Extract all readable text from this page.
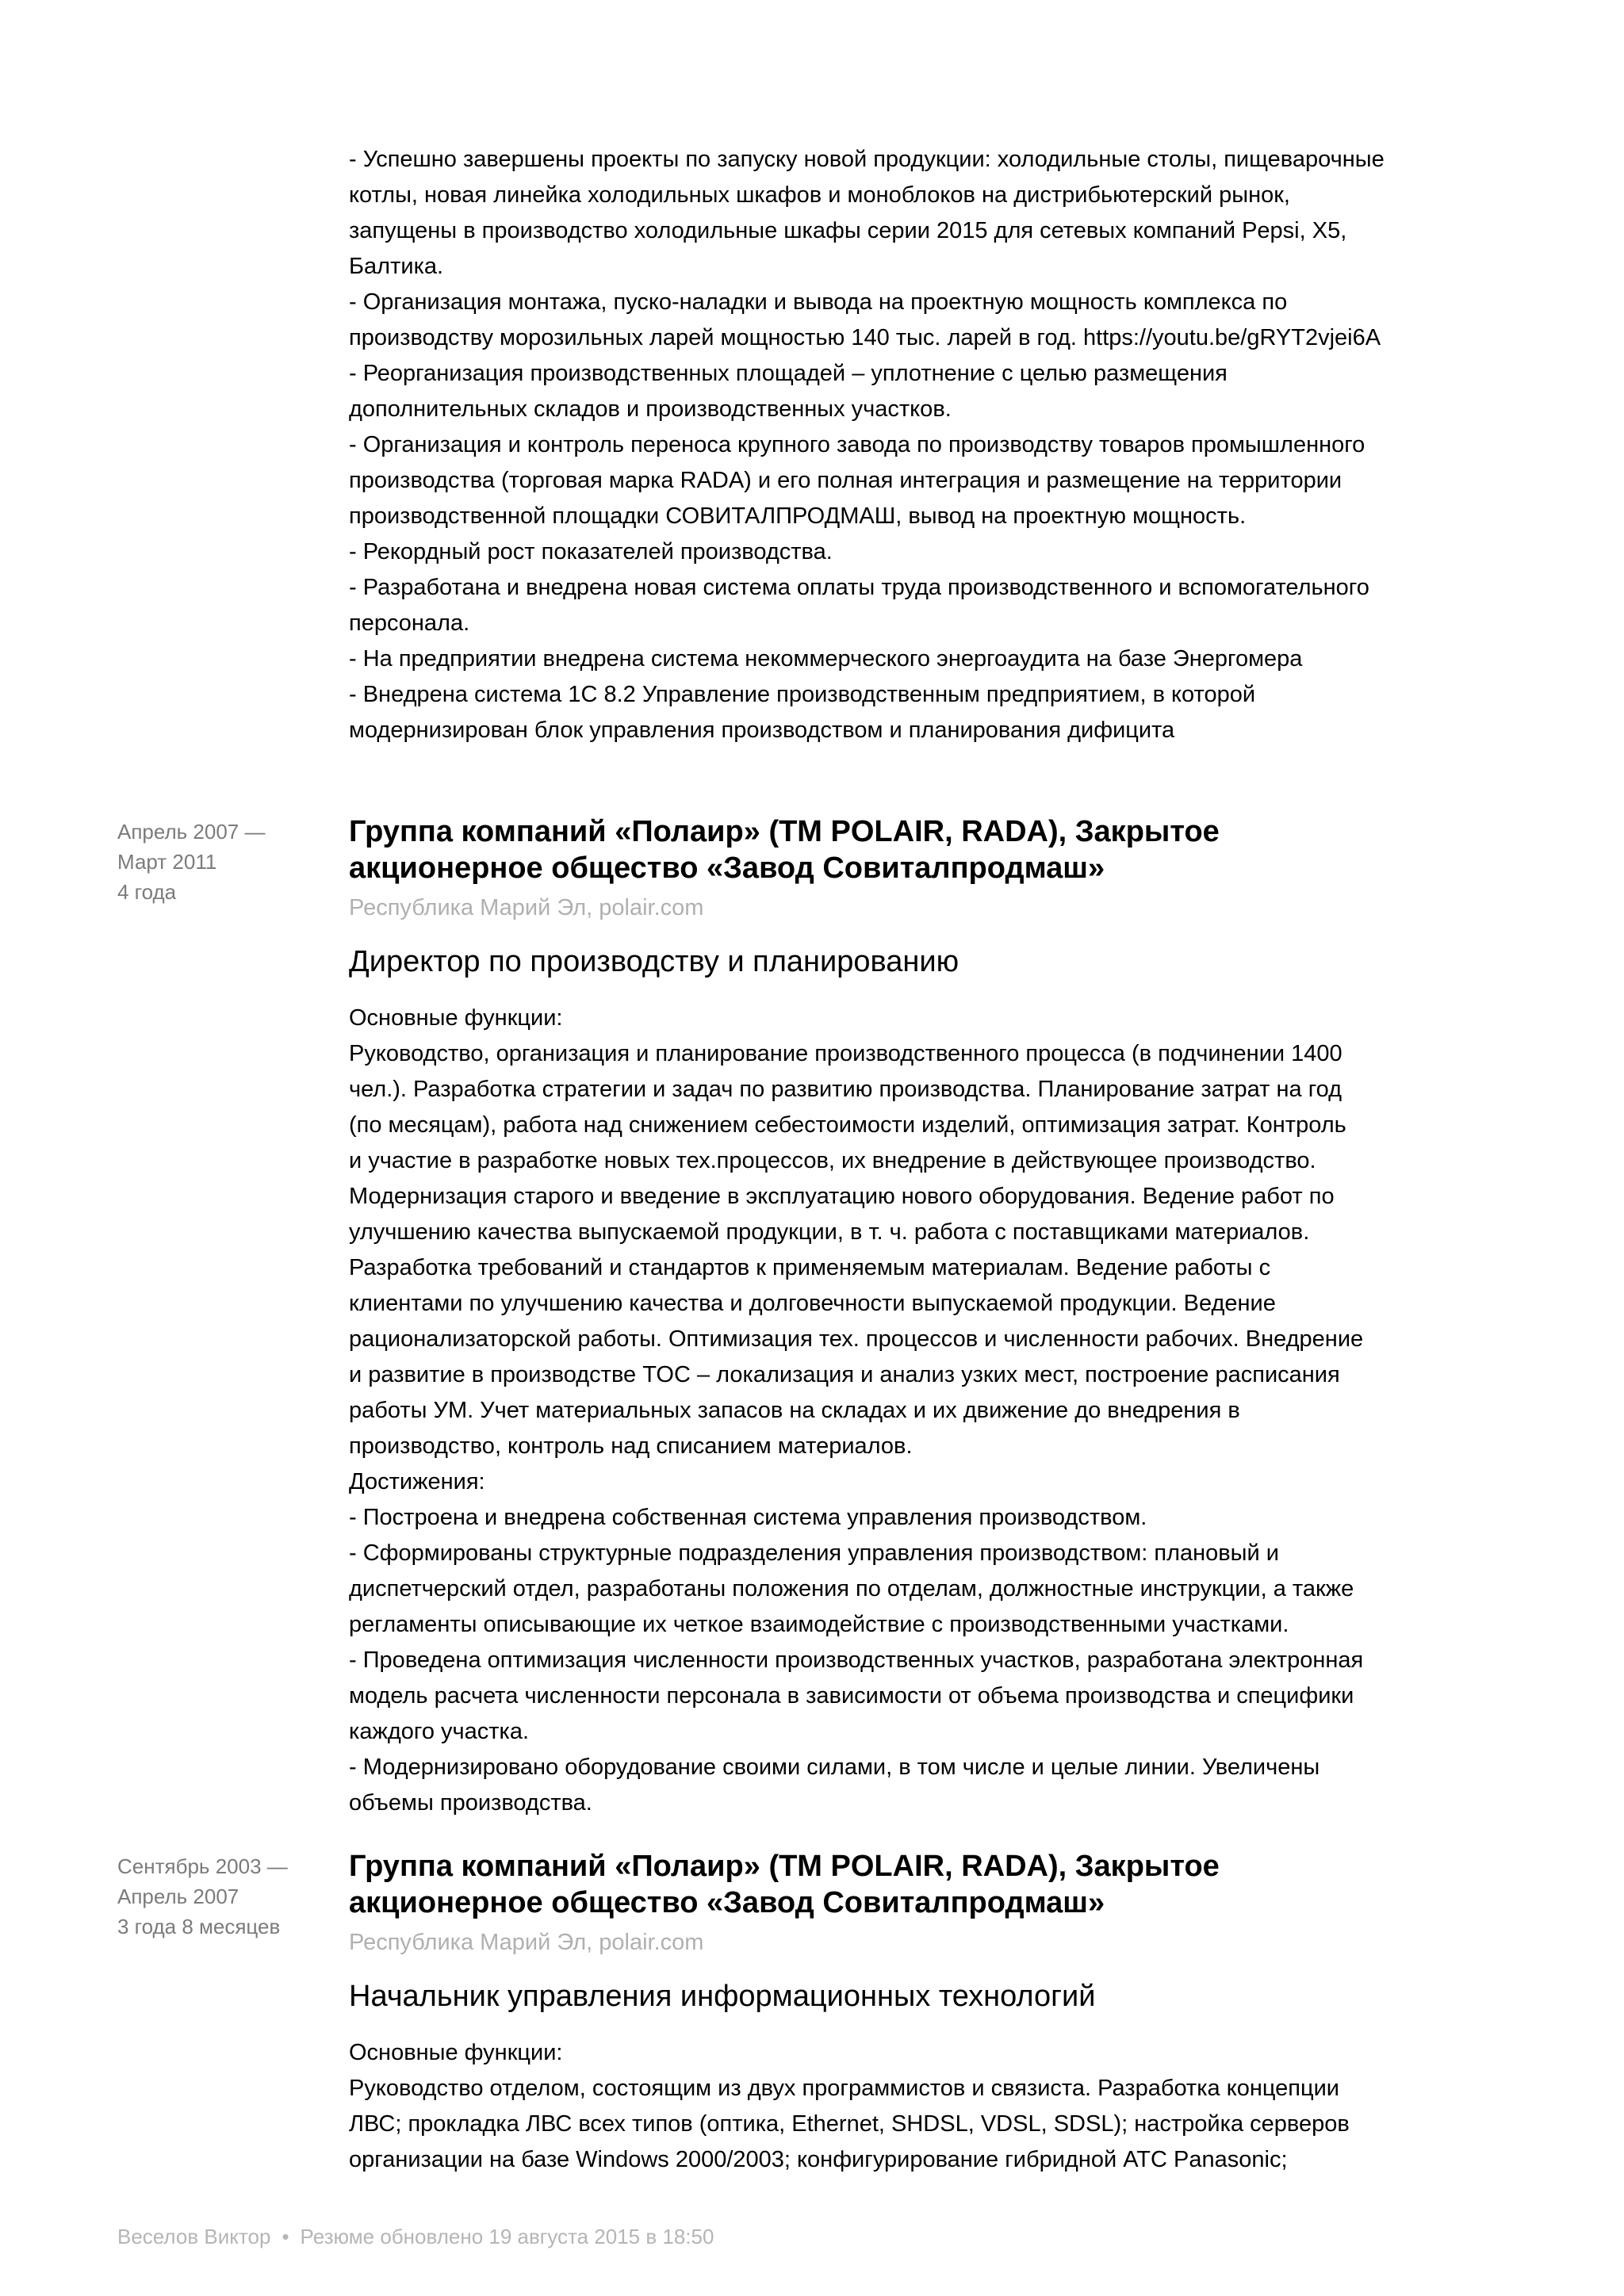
- Успешно завершены проекты по запуску новой продукции: холодильные столы, пищеварочные
котлы, новая линейка холодильных шкафов и моноблоков на дистрибьютерский рынок,
запущены в производство холодильные шкафы серии 2015 для сетевых компаний Pepsi, X5,
Балтика.
- Организация монтажа, пуско-наладки и вывода на проектную мощность комплекса по
производству морозильных ларей мощностью 140 тыс. ларей в год. https://youtu.be/gRYT2vjei6A
- Реорганизация производственных площадей – уплотнение с целью размещения
дополнительных складов и производственных участков.
- Организация и контроль переноса крупного завода по производству товаров промышленного
производства (торговая марка RADA) и его полная интеграция и размещение на территории
производственной площадки СОВИТАЛПРОДМАШ, вывод на проектную мощность.
- Рекордный рост показателей производства.
- Разработана и внедрена новая система оплаты труда производственного и вспомогательного
персонала.
- На предприятии внедрена система некоммерческого энергоаудита на базе Энергомера
- Внедрена система 1С 8.2 Управление производственным предприятием, в которой
модернизирован блок управления производством и планирования дифицита
Апрель 2007 —
Март 2011
4 года
Группа компаний «Полаир» (ТМ POLAIR, RADA), Закрытое
акционерное общество «Завод Совиталпродмаш»
Республика Марий Эл, polair.com
Директор по производству и планированию
Основные функции:
Руководство, организация и планирование производственного процесса (в подчинении 1400
чел.). Разработка стратегии и задач по развитию производства. Планирование затрат на год
(по месяцам), работа над снижением себестоимости изделий, оптимизация затрат. Контроль
и участие в разработке новых тех.процессов, их внедрение в действующее производство.
Модернизация старого и введение в эксплуатацию нового оборудования. Ведение работ по
улучшению качества выпускаемой продукции, в т. ч. работа с поставщиками материалов.
Разработка требований и стандартов к применяемым материалам. Ведение работы с
клиентами по улучшению качества и долговечности выпускаемой продукции. Ведение
рационализаторской работы. Оптимизация тех. процессов и численности рабочих. Внедрение
и развитие в производстве TOC – локализация и анализ узких мест, построение расписания
работы УМ. Учет материальных запасов на складах и их движение до внедрения в
производство, контроль над списанием материалов.
Достижения:
- Построена и внедрена собственная система управления производством.
- Сформированы структурные подразделения управления производством: плановый и
диспетчерский отдел, разработаны положения по отделам, должностные инструкции, а также
регламенты описывающие их четкое взаимодействие с производственными участками.
- Проведена оптимизация численности производственных участков, разработана электронная
модель расчета численности персонала в зависимости от объема производства и специфики
каждого участка.
- Модернизировано оборудование своими силами, в том числе и целые линии. Увеличены
объемы производства.
Сентябрь 2003 —
Апрель 2007
3 года 8 месяцев
Группа компаний «Полаир» (ТМ POLAIR, RADA), Закрытое
акционерное общество «Завод Совиталпродмаш»
Республика Марий Эл, polair.com
Начальник управления информационных технологий
Основные функции:
Руководство отделом, состоящим из двух программистов и связиста. Разработка концепции
ЛВС; прокладка ЛВС всех типов (оптика, Ethernet, SHDSL, VDSL, SDSL); настройка серверов
организации на базе Windows 2000/2003; конфигурирование гибридной АТС Panasonic;
Веселов Виктор • Резюме обновлено 19 августа 2015 в 18:50
